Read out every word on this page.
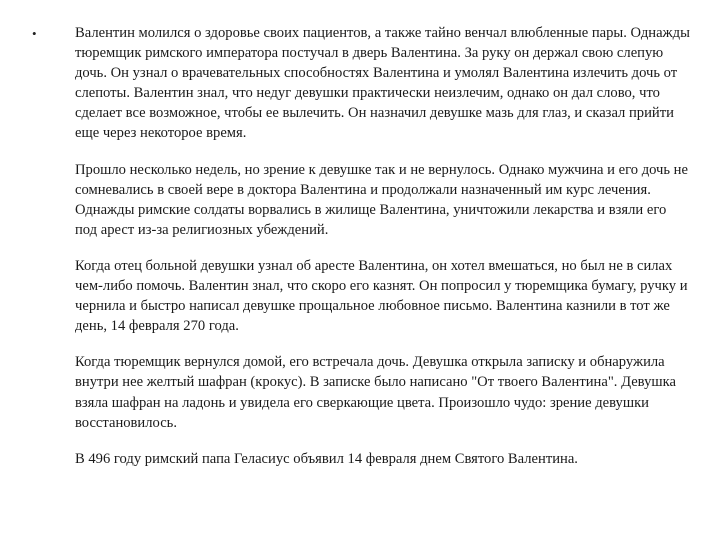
•	Валентин молился о здоровье своих пациентов, а также тайно венчал влюбленные пары. Однажды тюремщик римского императора постучал в дверь Валентина. За руку он держал свою слепую дочь. Он узнал о врачевательных способностях Валентина и умолял Валентина излечить дочь от слепоты. Валентин знал, что недуг девушки практически неизлечим, однако он дал слово, что сделает все возможное, чтобы ее вылечить. Он назначил девушке мазь для глаз, и сказал прийти еще через некоторое время.

Прошло несколько недель, но зрение к девушке так и не вернулось. Однако мужчина и его дочь не сомневались в своей вере в доктора Валентина и продолжали назначенный им курс лечения. Однажды римские солдаты ворвались в жилище Валентина, уничтожили лекарства и взяли его под арест из-за религиозных убеждений.

Когда отец больной девушки узнал об аресте Валентина, он хотел вмешаться, но был не в силах чем-либо помочь. Валентин знал, что скоро его казнят. Он попросил у тюремщика бумагу, ручку и чернила и быстро написал девушке прощальное любовное письмо. Валентина казнили в тот же день, 14 февраля 270 года.

Когда тюремщик вернулся домой, его встречала дочь. Девушка открыла записку и обнаружила внутри нее желтый шафран (крокус). В записке было написано "От твоего Валентина". Девушка взяла шафран на ладонь и увидела его сверкающие цвета. Произошло чудо: зрение девушки восстановилось.

В 496 году римский папа Геласиус объявил 14 февраля днем Святого Валентина.
